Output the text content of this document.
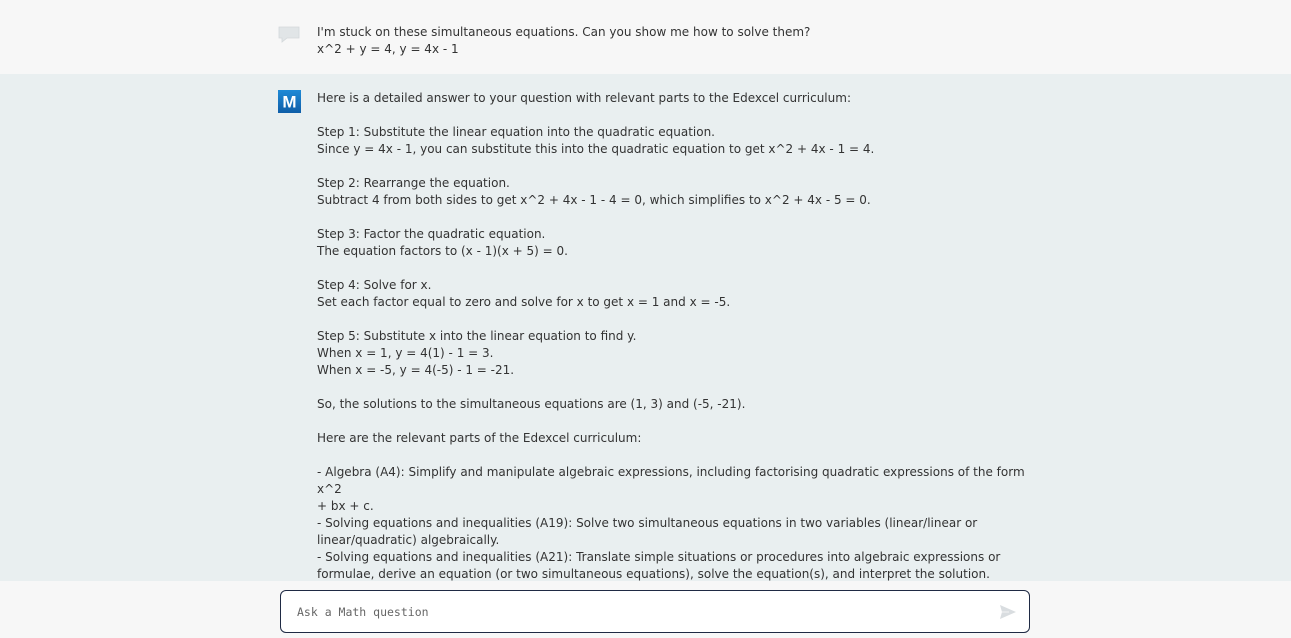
I'm stuck on these simultaneous equations. Can you show me how to solve them?
x^2 + y = 4, y = 4x - 1
M Here is a detailed answer to your question with relevant parts to the Edexcel curriculum:
Step 1: Substitute the linear equation into the quadratic equation.
Since y = 4x - 1, you can substitute this into the quadratic equation to get x^2 + 4x - 1 = 4.
Step 2: Rearrange the equation.
Subtract 4 from both sides to get x^2 + 4x - 1 - 4 = 0, which simplifies to x^2 + 4x - 5 = 0.
Step 3: Factor the quadratic equation.
The equation factors to (x - 1)(x + 5) = 0.
Step 4: Solve for x.
Set each factor equal to zero and solve for x to get x = 1 and x = -5.
Step 5: Substitute x into the linear equation to find y.
When x = 1, y = 4(1) - 1 = 3.
When x = -5, y = 4(-5) - 1 = -21.
So, the solutions to the simultaneous equations are (1, 3) and (-5, -21).
Here are the relevant parts of the Edexcel curriculum:
- Algebra (A4): Simplify and manipulate algebraic expressions, including factorising quadratic expressions of the form x^2
+ bx + c.
- Solving equations and inequalities (A19): Solve two simultaneous equations in two variables (linear/linear or
linear/quadratic) algebraically.
- Solving equations and inequalities (A21): Translate simple situations or procedures into algebraic expressions or
formulae, derive an equation (or two simultaneous equations), solve the equation(s), and interpret the solution.
Ask a Math question
